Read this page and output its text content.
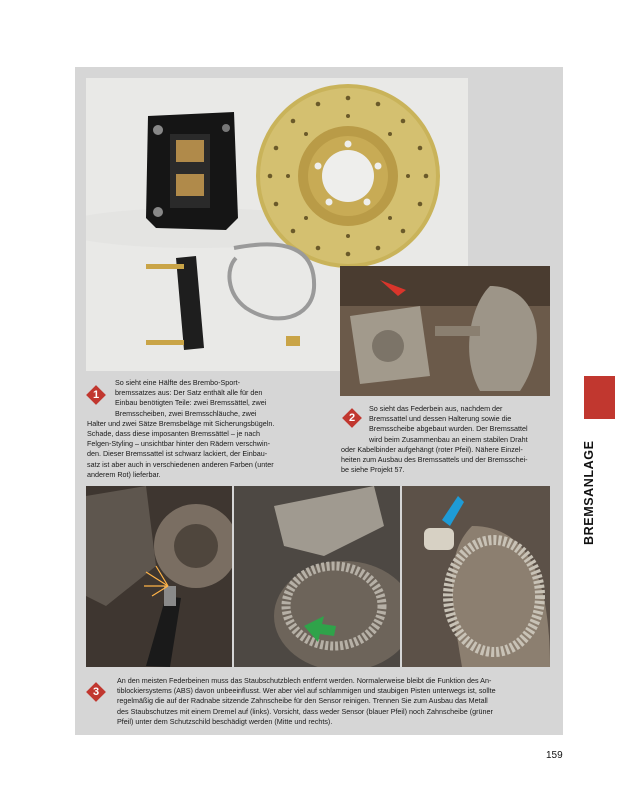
1
So sieht eine Hälfte des Brembo-Sport-
bremssatzes aus: Der Satz enthält alle für den
Einbau benötigten Teile: zwei Bremssättel, zwei
Bremsscheiben, zwei Bremsschläuche, zwei
Halter und zwei Sätze Bremsbeläge mit Sicherungsbügeln.
Schade, dass diese imposanten Bremssättel – je nach
Felgen-Styling – unsichtbar hinter den Rädern verschwin-
den. Dieser Bremssattel ist schwarz lackiert, der Einbau-
satz ist aber auch in verschiedenen anderen Farben (unter
anderem Rot) lieferbar.
2
So sieht das Federbein aus, nachdem der
Bremssattel und dessen Halterung sowie die
Bremsscheibe abgebaut wurden. Der Bremssattel
wird beim Zusammenbau an einem stabilen Draht
oder Kabelbinder aufgehängt (roter Pfeil). Nähere Einzel-
heiten zum Ausbau des Bremssattels und der Bremsschei-
be siehe Projekt 57.
3
An den meisten Federbeinen muss das Staubschutzblech entfernt werden. Normalerweise bleibt die Funktion des An-
tiblockiersystems (ABS) davon unbeeinflusst. Wer aber viel auf schlammigen und staubigen Pisten unterwegs ist, sollte
regelmäßig die auf der Radnabe sitzende Zahnscheibe für den Sensor reinigen. Trennen Sie zum Ausbau das Metall
des Staubschutzes mit einem Dremel auf (links). Vorsicht, dass weder Sensor (blauer Pfeil) noch Zahnscheibe (grüner
Pfeil) unter dem Schutzschild beschädigt werden (Mitte und rechts).
BREMSANLAGE
159
